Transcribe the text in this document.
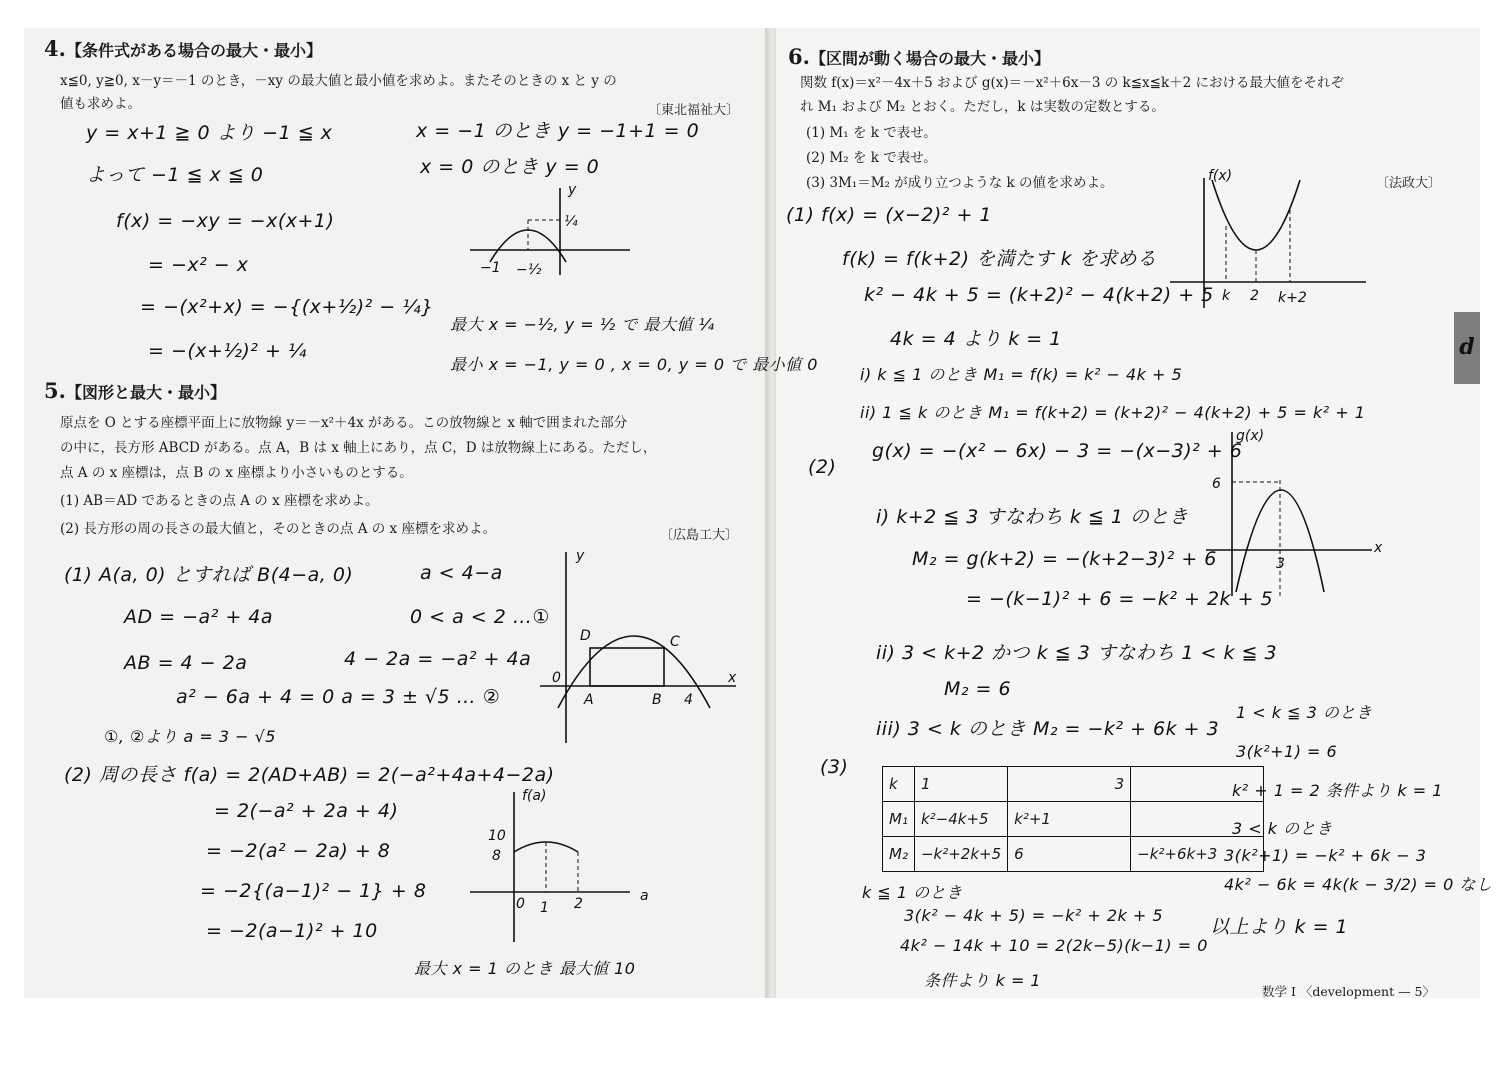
4.【条件式がある場合の最大・最小】
x≦0, y≧0, x－y＝－1 のとき，－xy の最大値と最小値を求めよ。またそのときの x と y の
値も求めよ。	〔東北福祉大〕
y = x+1 ≧ 0 より −1 ≦ x
よって −1 ≦ x ≦ 0
f(x) = −xy = −x(x+1)
= −x² − x
= −(x²+x) = −{(x+½)² − ¼}
= −(x+½)² + ¼
x = −1 のとき y = −1+1 = 0
x = 0 のとき y = 0
最大 x = −½, y = ½ で 最大値 ¼
最小 x = −1, y = 0 , x = 0, y = 0 で 最小値 0
y
−1 −½
¼
5.【図形と最大・最小】
原点を O とする座標平面上に放物線 y＝－x²＋4x がある。この放物線と x 軸で囲まれた部分
の中に，長方形 ABCD がある。点 A，B は x 軸上にあり，点 C，D は放物線上にある。ただし，
点 A の x 座標は，点 B の x 座標より小さいものとする。
(1) AB＝AD であるときの点 A の x 座標を求めよ。
(2) 長方形の周の長さの最大値と，そのときの点 A の x 座標を求めよ。	〔広島工大〕
(1) A(a, 0) とすれば B(4−a, 0)	a < 4−a
AD = −a² + 4a	0 < a < 2 …①
AB = 4 − 2a	4 − 2a = −a² + 4a
a² − 6a + 4 = 0 a = 3 ± √5 … ②
①, ②より a = 3 − √5
(2) 周の長さ f(a) = 2(AD+AB) = 2(−a²+4a+4−2a)
= 2(−a² + 2a + 4)
= −2(a² − 2a) + 8
= −2{(a−1)² − 1} + 8
= −2(a−1)² + 10
最大 x = 1 のとき 最大値 10
y
x
0
A	B
C
D
4
f(a)
a
10
8
1 2
0
6.【区間が動く場合の最大・最小】
関数 f(x)＝x²－4x＋5 および g(x)＝－x²＋6x－3 の k≦x≦k＋2 における最大値をそれぞ
れ M₁ および M₂ とおく。ただし，k は実数の定数とする。
(1) M₁ を k で表せ。
(2) M₂ を k で表せ。
(3) 3M₁＝M₂ が成り立つような k の値を求めよ。	〔法政大〕
(1) f(x) = (x−2)² + 1
f(k) = f(k+2) を満たす k を求める
k² − 4k + 5 = (k+2)² − 4(k+2) + 5
4k = 4 より k = 1
i) k ≦ 1 のとき M₁ = f(k) = k² − 4k + 5
ii) 1 ≦ k のとき M₁ = f(k+2) = (k+2)² − 4(k+2) + 5 = k² + 1
(2)
g(x) = −(x² − 6x) − 3 = −(x−3)² + 6
i) k+2 ≦ 3 すなわち k ≦ 1 のとき
M₂ = g(k+2) = −(k+2−3)² + 6
= −(k−1)² + 6 = −k² + 2k + 5
ii) 3 < k+2 かつ k ≦ 3 すなわち 1 < k ≦ 3
M₂ = 6
iii) 3 < k のとき M₂ = −k² + 6k + 3
(3)
1 < k ≦ 3 のとき
3(k²+1) = 6
k² + 1 = 2 条件より k = 1
3 < k のとき
3(k²+1) = −k² + 6k − 3
4k² − 6k = 4k(k − 3/2) = 0 なし
k ≦ 1 のとき
3(k² − 4k + 5) = −k² + 2k + 5
4k² − 14k + 10 = 2(2k−5)(k−1) = 0
条件より k = 1
以上より k = 1
f(x)
k 2 k+2
g(x)
6
x
3
k	1	3	
M₁	k²−4k+5	k²+1	
M₂	−k²+2k+5	6	−k²+6k+3
d
数学 I 〈development — 5〉
